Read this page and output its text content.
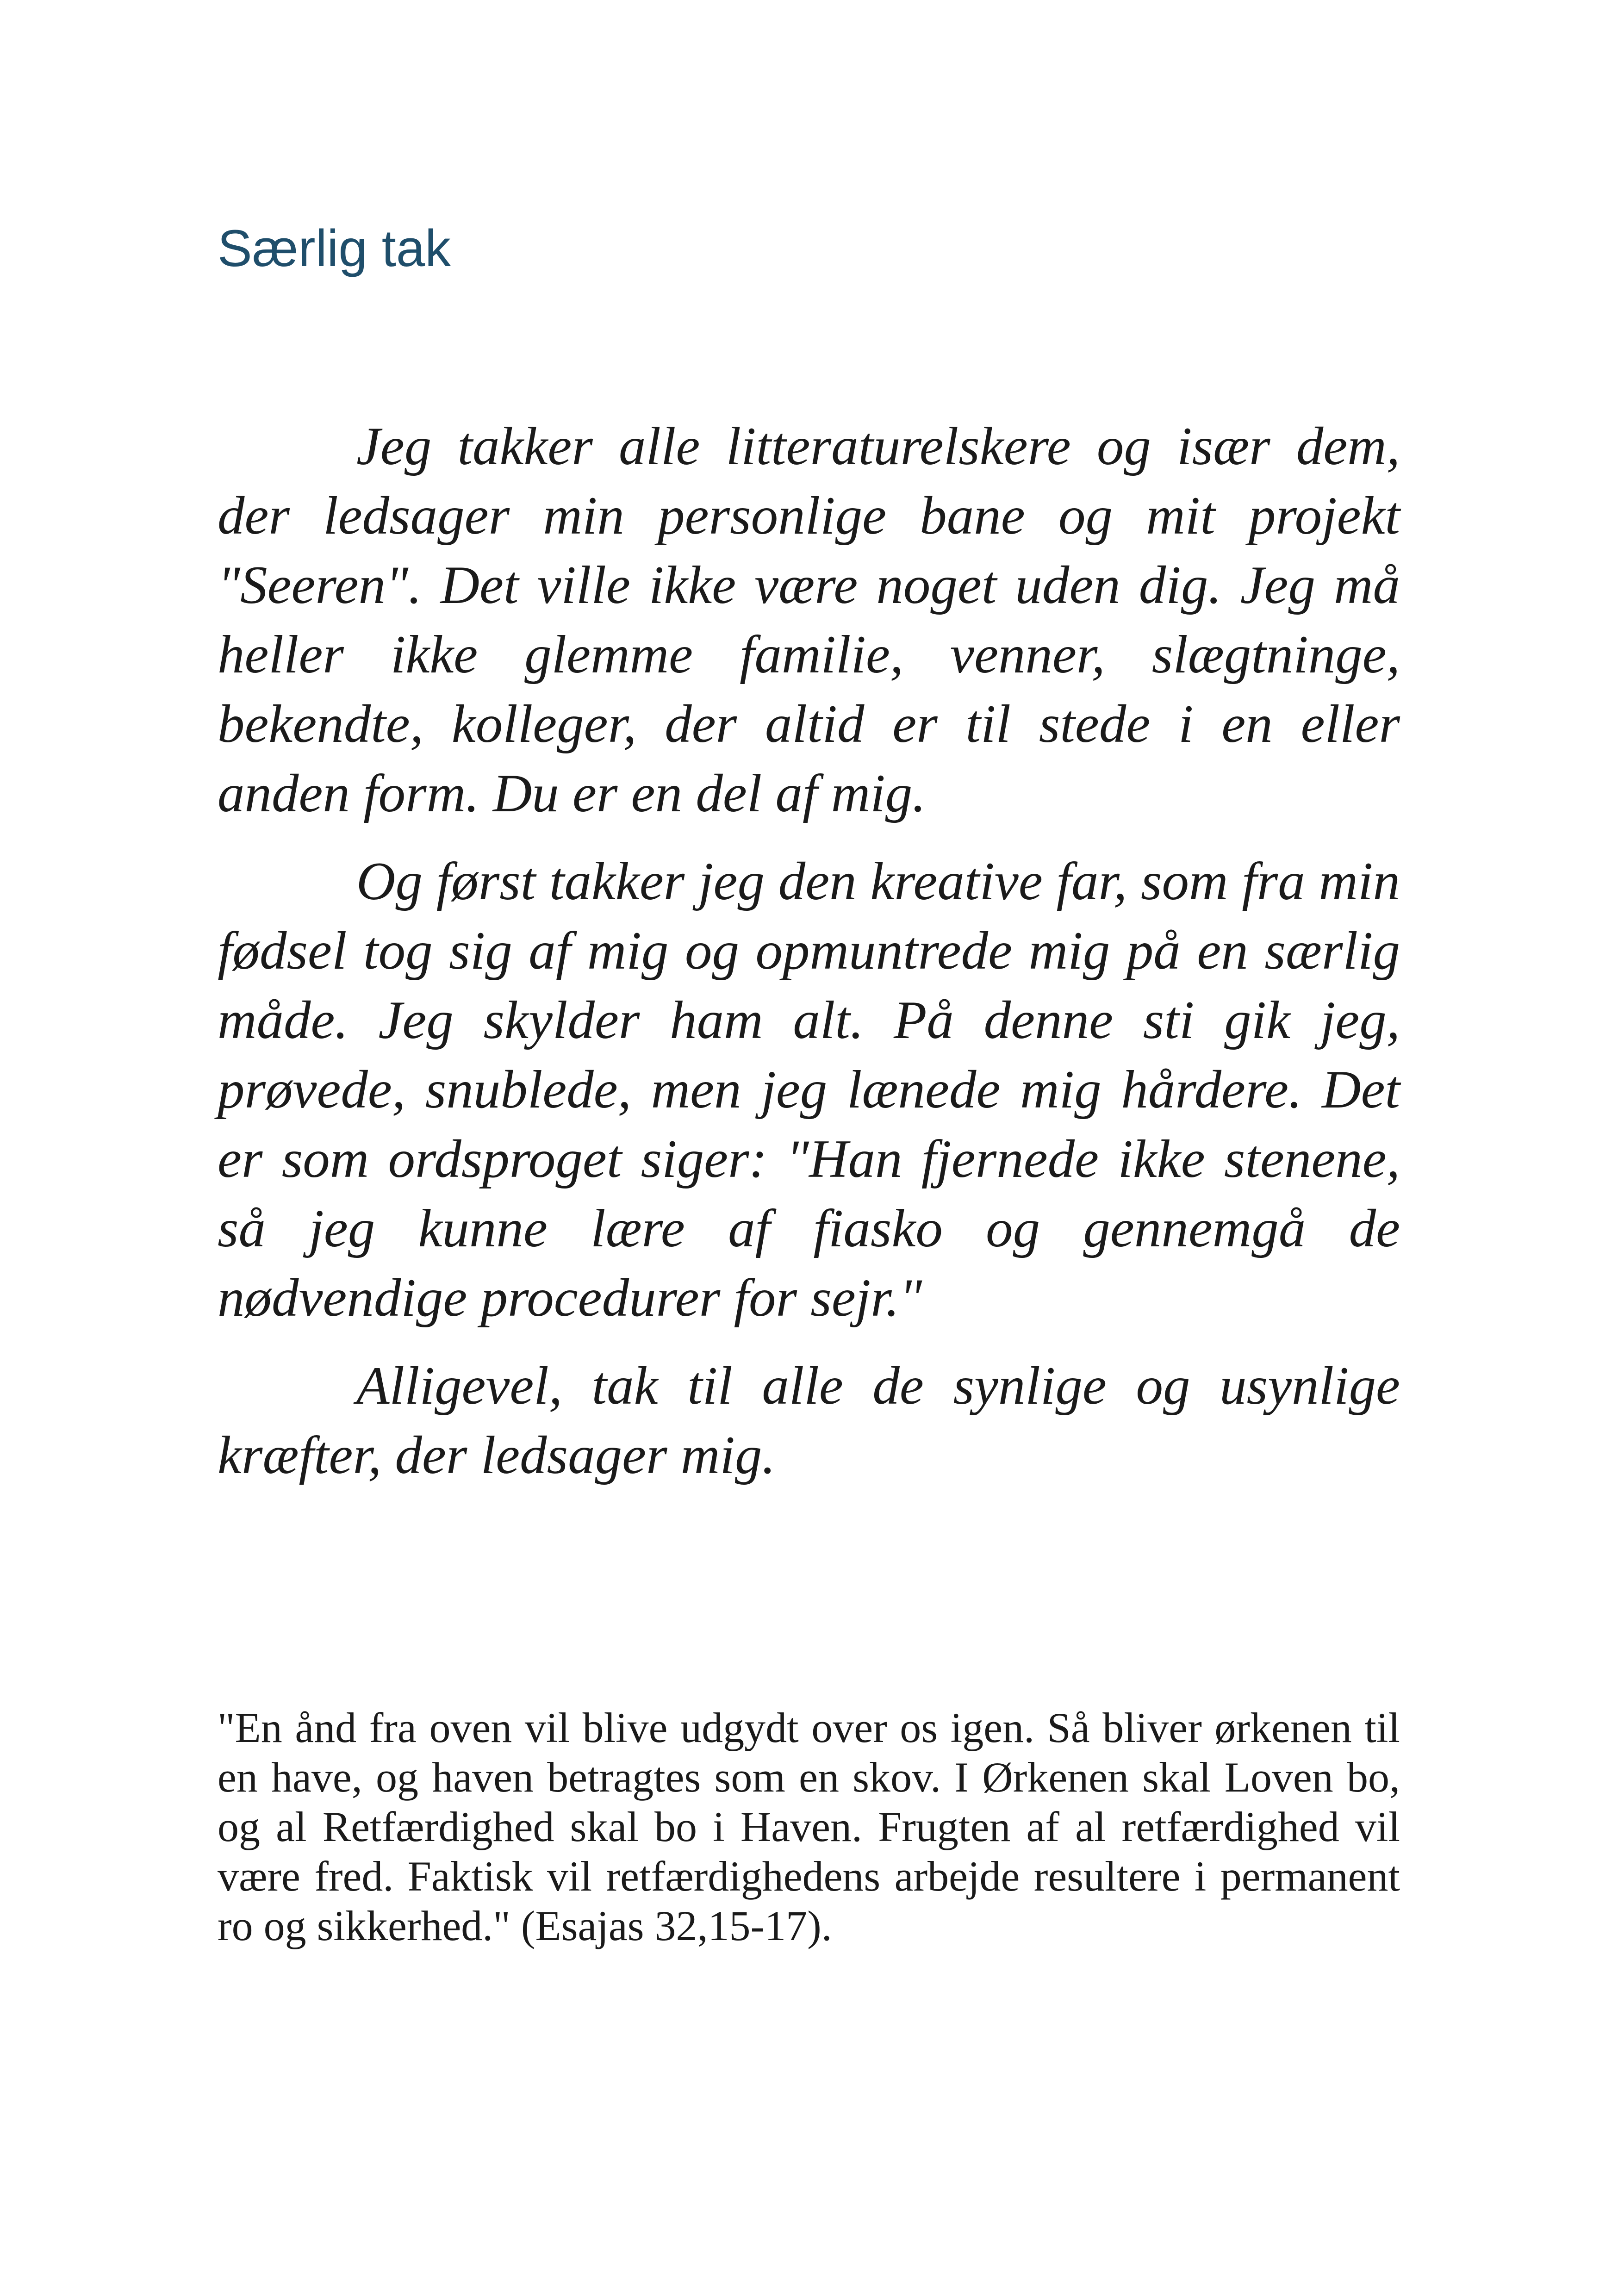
Særlig tak

Jeg takker alle litteraturelskere og især dem, der ledsager min personlige bane og mit projekt "Seeren". Det ville ikke være noget uden dig. Jeg må heller ikke glemme familie, venner, slægtninge, bekendte, kolleger, der altid er til stede i en eller anden form. Du er en del af mig.

Og først takker jeg den kreative far, som fra min fødsel tog sig af mig og opmuntrede mig på en særlig måde. Jeg skylder ham alt. På denne sti gik jeg, prøvede, snublede, men jeg lænede mig hårdere. Det er som ordsproget siger: "Han fjernede ikke stenene, så jeg kunne lære af fiasko og gennemgå de nødvendige procedurer for sejr."

Alligevel, tak til alle de synlige og usynlige kræfter, der ledsager mig.

"En ånd fra oven vil blive udgydt over os igen. Så bliver ørkenen til en have, og haven betragtes som en skov. I Ørkenen skal Loven bo, og al Retfærdighed skal bo i Haven. Frugten af al retfærdighed vil være fred. Faktisk vil retfærdighedens arbejde resultere i permanent ro og sikkerhed." (Esajas 32,15-17).
